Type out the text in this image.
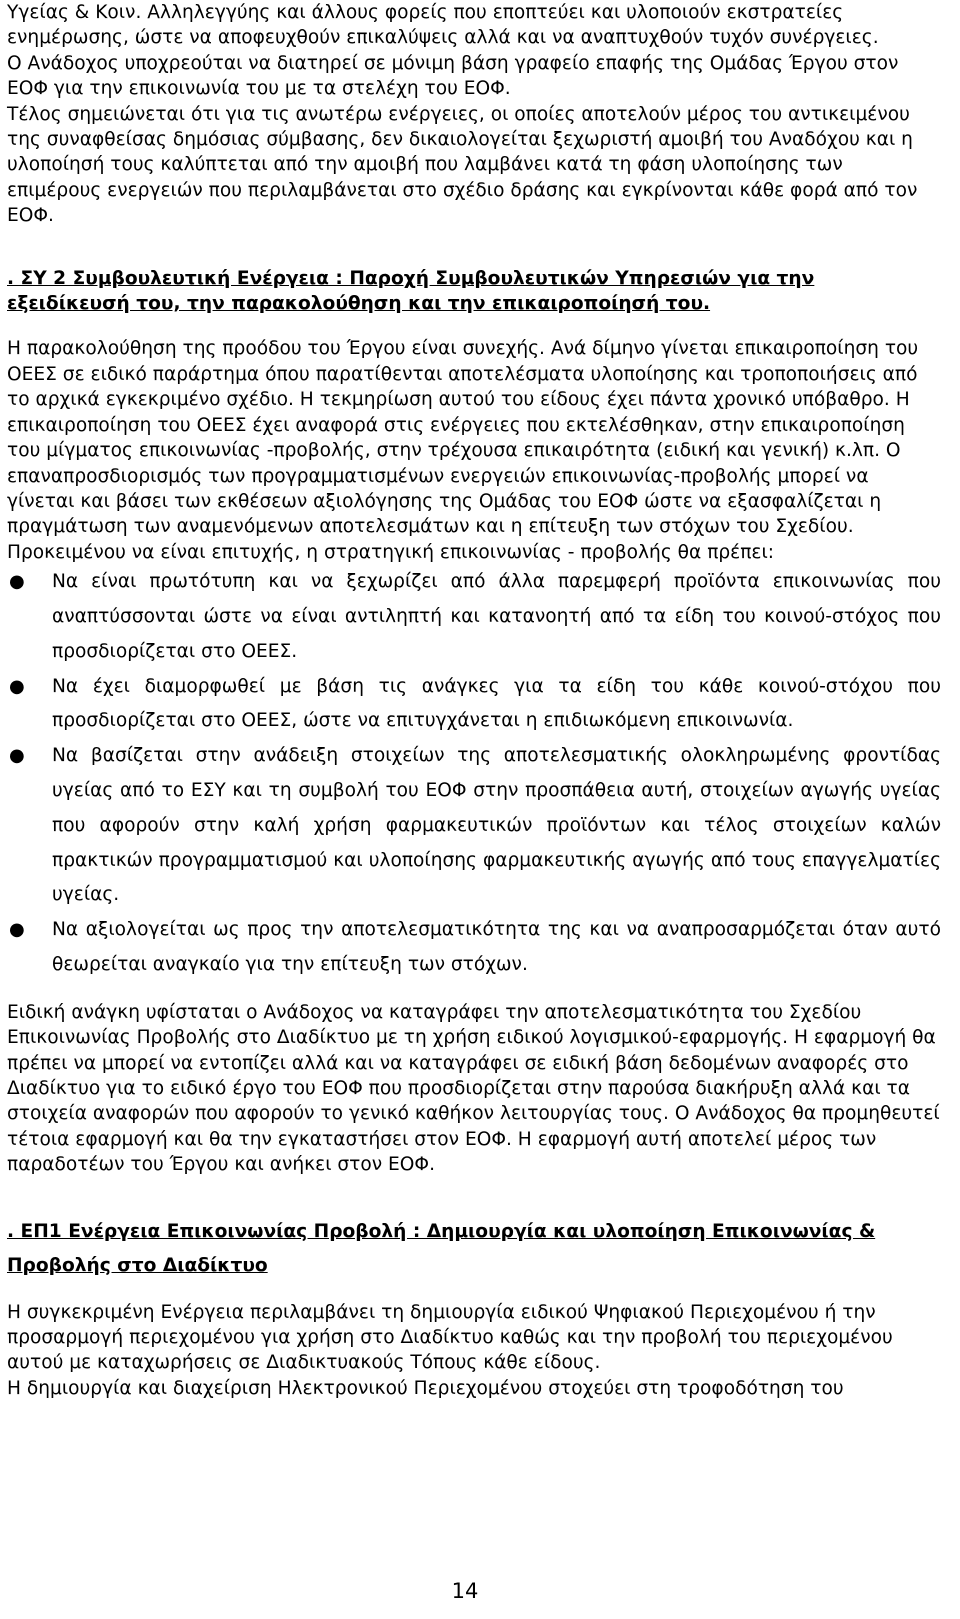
Υγείας & Κοιν. Αλληλεγγύης και άλλους φορείς που εποπτεύει και υλοποιούν εκστρατείες ενημέρωσης, ώστε να αποφευχθούν επικαλύψεις αλλά και να αναπτυχθούν τυχόν συνέργειες.

Ο Ανάδοχος υποχρεούται να διατηρεί σε μόνιμη βάση γραφείο επαφής της Ομάδας Έργου στον ΕΟΦ για την επικοινωνία του με τα στελέχη του ΕΟΦ.

Τέλος σημειώνεται ότι για τις ανωτέρω ενέργειες, οι οποίες αποτελούν μέρος του αντικειμένου της συναφθείσας δημόσιας σύμβασης, δεν δικαιολογείται ξεχωριστή αμοιβή του Αναδόχου και η υλοποίησή τους καλύπτεται από την αμοιβή που λαμβάνει κατά τη φάση υλοποίησης των επιμέρους ενεργειών που περιλαμβάνεται στο σχέδιο δράσης και εγκρίνονται κάθε φορά από τον ΕΟΦ.

. ΣΥ 2 Συμβουλευτική Ενέργεια : Παροχή Συμβουλευτικών Υπηρεσιών για την εξειδίκευσή του, την παρακολούθηση και την επικαιροποίησή του.

Η παρακολούθηση της προόδου του Έργου είναι συνεχής. Ανά δίμηνο γίνεται επικαιροποίηση του ΟΕΕΣ σε ειδικό παράρτημα όπου παρατίθενται αποτελέσματα υλοποίησης και τροποποιήσεις από το αρχικά εγκεκριμένο σχέδιο. Η τεκμηρίωση αυτού του είδους έχει πάντα χρονικό υπόβαθρο. Η επικαιροποίηση του ΟΕΕΣ έχει αναφορά στις ενέργειες που εκτελέσθηκαν, στην επικαιροποίηση του μίγματος επικοινωνίας -προβολής, στην τρέχουσα επικαιρότητα (ειδική και γενική) κ.λπ. Ο επαναπροσδιορισμός των προγραμματισμένων ενεργειών επικοινωνίας-προβολής μπορεί να γίνεται και βάσει των εκθέσεων αξιολόγησης της Ομάδας του ΕΟΦ ώστε να εξασφαλίζεται η πραγμάτωση των αναμενόμενων αποτελεσμάτων και η επίτευξη των στόχων του Σχεδίου. Προκειμένου να είναι επιτυχής, η στρατηγική επικοινωνίας - προβολής θα πρέπει:

● Να είναι πρωτότυπη και να ξεχωρίζει από άλλα παρεμφερή προϊόντα επικοινωνίας που αναπτύσσονται ώστε να είναι αντιληπτή και κατανοητή από τα είδη του κοινού-στόχος που προσδιορίζεται στο ΟΕΕΣ.
● Να έχει διαμορφωθεί με βάση τις ανάγκες για τα είδη του κάθε κοινού-στόχου που προσδιορίζεται στο ΟΕΕΣ, ώστε να επιτυγχάνεται η επιδιωκόμενη επικοινωνία.
● Να βασίζεται στην ανάδειξη στοιχείων της αποτελεσματικής ολοκληρωμένης φροντίδας υγείας από το ΕΣΥ και τη συμβολή του ΕΟΦ στην προσπάθεια αυτή, στοιχείων αγωγής υγείας που αφορούν στην καλή χρήση φαρμακευτικών προϊόντων και τέλος στοιχείων καλών πρακτικών προγραμματισμού και υλοποίησης φαρμακευτικής αγωγής από τους επαγγελματίες υγείας.
● Να αξιολογείται ως προς την αποτελεσματικότητα της και να αναπροσαρμόζεται όταν αυτό θεωρείται αναγκαίο για την επίτευξη των στόχων.

Ειδική ανάγκη υφίσταται ο Ανάδοχος να καταγράφει την αποτελεσματικότητα του Σχεδίου Επικοινωνίας Προβολής στο Διαδίκτυο με τη χρήση ειδικού λογισμικού-εφαρμογής. Η εφαρμογή θα πρέπει να μπορεί να εντοπίζει αλλά και να καταγράφει σε ειδική βάση δεδομένων αναφορές στο Διαδίκτυο για το ειδικό έργο του ΕΟΦ που προσδιορίζεται στην παρούσα διακήρυξη αλλά και τα στοιχεία αναφορών που αφορούν το γενικό καθήκον λειτουργίας τους. Ο Ανάδοχος θα προμηθευτεί τέτοια εφαρμογή και θα την εγκαταστήσει στον ΕΟΦ. Η εφαρμογή αυτή αποτελεί μέρος των παραδοτέων του Έργου και ανήκει στον ΕΟΦ.

. ΕΠ1 Ενέργεια Επικοινωνίας Προβολή : Δημιουργία και υλοποίηση Επικοινωνίας & Προβολής στο Διαδίκτυο

Η συγκεκριμένη Ενέργεια περιλαμβάνει τη δημιουργία ειδικού Ψηφιακού Περιεχομένου ή την προσαρμογή περιεχομένου για χρήση στο Διαδίκτυο καθώς και την προβολή του περιεχομένου αυτού με καταχωρήσεις σε Διαδικτυακούς Τόπους κάθε είδους.

Η δημιουργία και διαχείριση Ηλεκτρονικού Περιεχομένου στοχεύει στη τροφοδότηση του

14
